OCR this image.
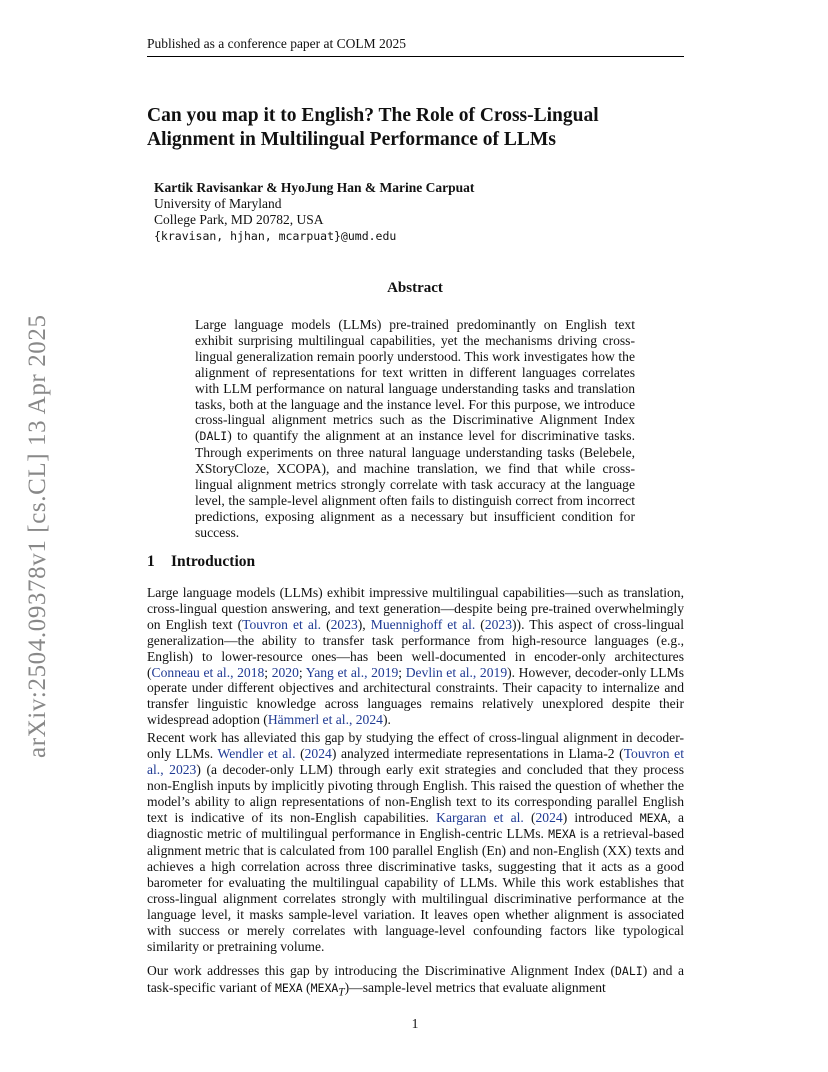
Published as a conference paper at COLM 2025
arXiv:2504.09378v1 [cs.CL] 13 Apr 2025
Can you map it to English? The Role of Cross-Lingual Alignment in Multilingual Performance of LLMs
Kartik Ravisankar & HyoJung Han & Marine Carpuat
University of Maryland
College Park, MD 20782, USA
{kravisan, hjhan, mcarpuat}@umd.edu
Abstract

Large language models (LLMs) pre-trained predominantly on English text exhibit surprising multilingual capabilities, yet the mechanisms driving cross-lingual generalization remain poorly understood. This work investigates how the alignment of representations for text written in different languages correlates with LLM performance on natural language understanding tasks and translation tasks, both at the language and the instance level. For this purpose, we introduce cross-lingual alignment metrics such as the Discriminative Alignment Index (DALI) to quantify the alignment at an instance level for discriminative tasks. Through experiments on three natural language understanding tasks (Belebele, XStoryCloze, XCOPA), and machine translation, we find that while cross-lingual alignment metrics strongly correlate with task accuracy at the language level, the sample-level alignment often fails to distinguish correct from incorrect predictions, exposing alignment as a necessary but insufficient condition for success.

1 Introduction

Large language models (LLMs) exhibit impressive multilingual capabilities—such as translation, cross-lingual question answering, and text generation—despite being pre-trained overwhelmingly on English text (Touvron et al. (2023), Muennighoff et al. (2023)). This aspect of cross-lingual generalization—the ability to transfer task performance from high-resource languages (e.g., English) to lower-resource ones—has been well-documented in encoder-only architectures (Conneau et al., 2018; 2020; Yang et al., 2019; Devlin et al., 2019). However, decoder-only LLMs operate under different objectives and architectural constraints. Their capacity to internalize and transfer linguistic knowledge across languages remains relatively unexplored despite their widespread adoption (Hämmerl et al., 2024).

Recent work has alleviated this gap by studying the effect of cross-lingual alignment in decoder-only LLMs. Wendler et al. (2024) analyzed intermediate representations in Llama-2 (Touvron et al., 2023) (a decoder-only LLM) through early exit strategies and concluded that they process non-English inputs by implicitly pivoting through English. This raised the question of whether the model’s ability to align representations of non-English text to its corresponding parallel English text is indicative of its non-English capabilities. Kargaran et al. (2024) introduced MEXA, a diagnostic metric of multilingual performance in English-centric LLMs. MEXA is a retrieval-based alignment metric that is calculated from 100 parallel English (En) and non-English (XX) texts and achieves a high correlation across three discriminative tasks, suggesting that it acts as a good barometer for evaluating the multilingual capability of LLMs. While this work establishes that cross-lingual alignment correlates strongly with multilingual discriminative performance at the language level, it masks sample-level variation. It leaves open whether alignment is associated with success or merely correlates with language-level confounding factors like typological similarity or pretraining volume.

Our work addresses this gap by introducing the Discriminative Alignment Index (DALI) and a task-specific variant of MEXA $(MEXA_T)—sample$-level metrics that evaluate alignment

1
